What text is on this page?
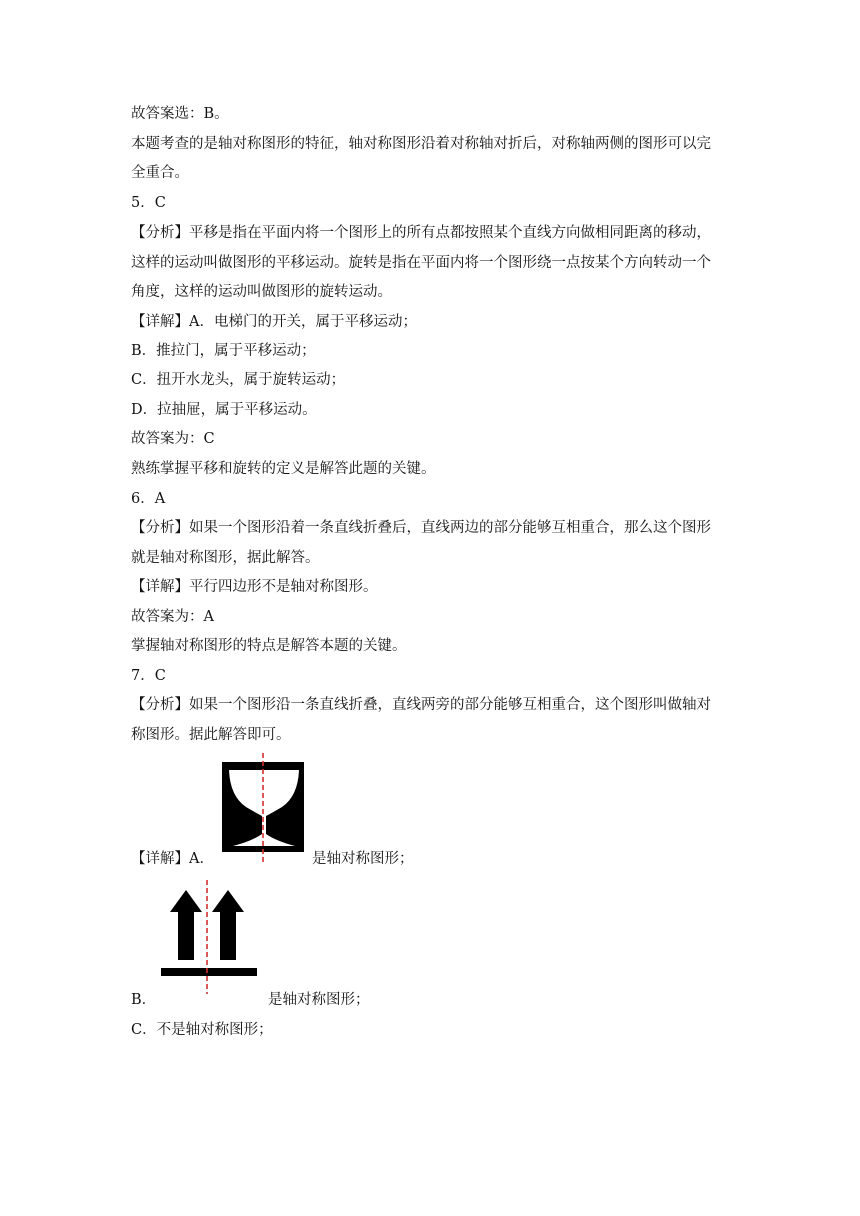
故答案选：B。
本题考查的是轴对称图形的特征，轴对称图形沿着对称轴对折后，对称轴两侧的图形可以完
全重合。
5．C
【分析】平移是指在平面内将一个图形上的所有点都按照某个直线方向做相同距离的移动，
这样的运动叫做图形的平移运动。旋转是指在平面内将一个图形绕一点按某个方向转动一个
角度，这样的运动叫做图形的旋转运动。
【详解】A．电梯门的开关，属于平移运动；
B．推拉门，属于平移运动；
C．扭开水龙头，属于旋转运动；
D．拉抽屉，属于平移运动。
故答案为：C
熟练掌握平移和旋转的定义是解答此题的关键。
6．A
【分析】如果一个图形沿着一条直线折叠后，直线两边的部分能够互相重合，那么这个图形
就是轴对称图形，据此解答。
【详解】平行四边形不是轴对称图形。
故答案为：A
掌握轴对称图形的特点是解答本题的关键。
7．C
【分析】如果一个图形沿一条直线折叠，直线两旁的部分能够互相重合，这个图形叫做轴对
称图形。据此解答即可。
【详解】A．	是轴对称图形；
B．	是轴对称图形；
C．不是轴对称图形；
